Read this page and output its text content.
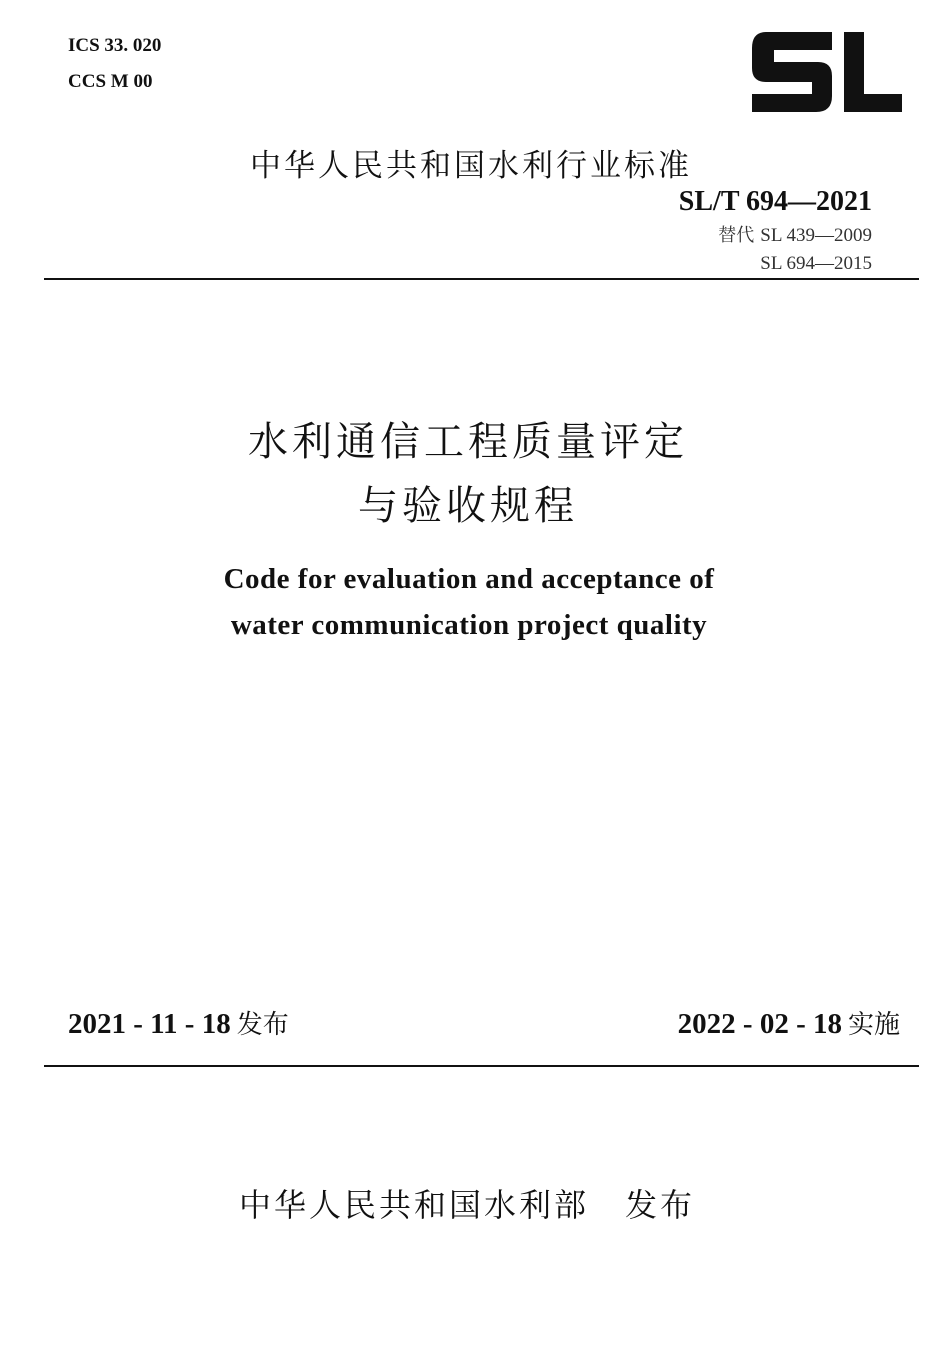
ICS 33. 020
CCS M 00
中华人民共和国水利行业标准
SL/T 694—2021
替代 SL 439—2009
SL 694—2015
水利通信工程质量评定
与验收规程
Code for evaluation and acceptance of
water communication project quality
2021 - 11 - 18 发布	2022 - 02 - 18 实施
中华人民共和国水利部 发布
